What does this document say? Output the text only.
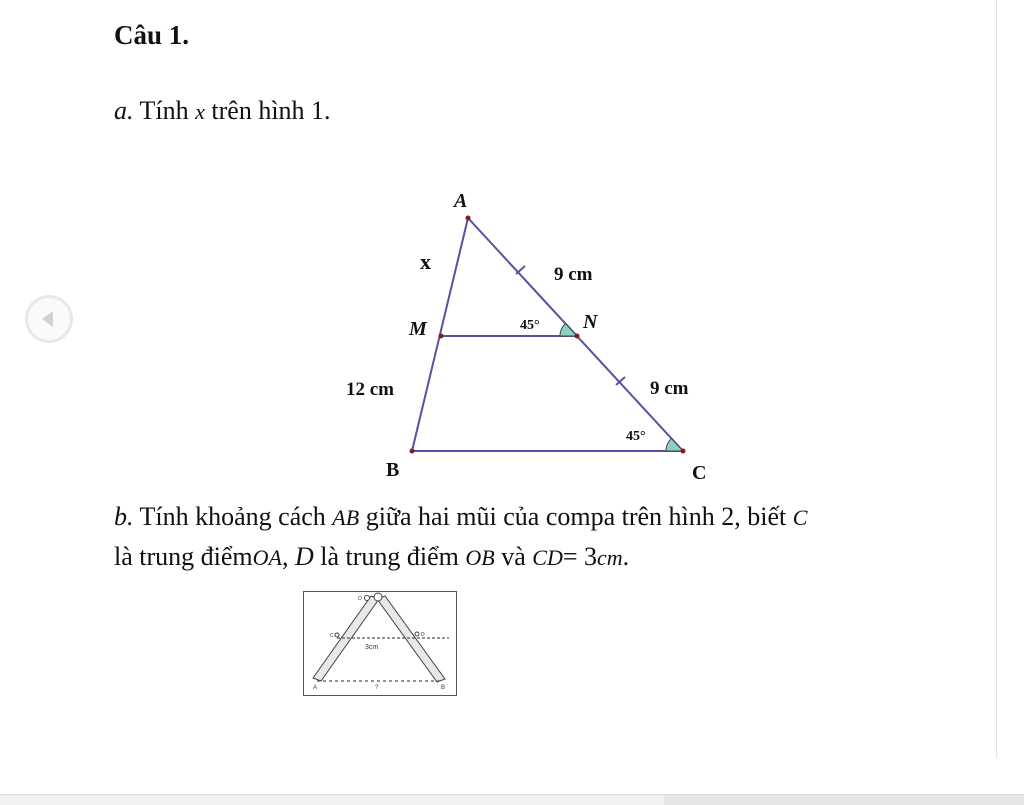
Câu 1.
a. Tính x trên hình 1.
A
M	N
B	C
x
12 cm
9 cm
9 cm
45°
45°
b. Tính khoảng cách AB giữa hai mũi của compa trên hình 2, biết C
là trung điểmOA, D là trung điểm OB và CD= 3cm.
3cm
A	?	B
O
C	D
